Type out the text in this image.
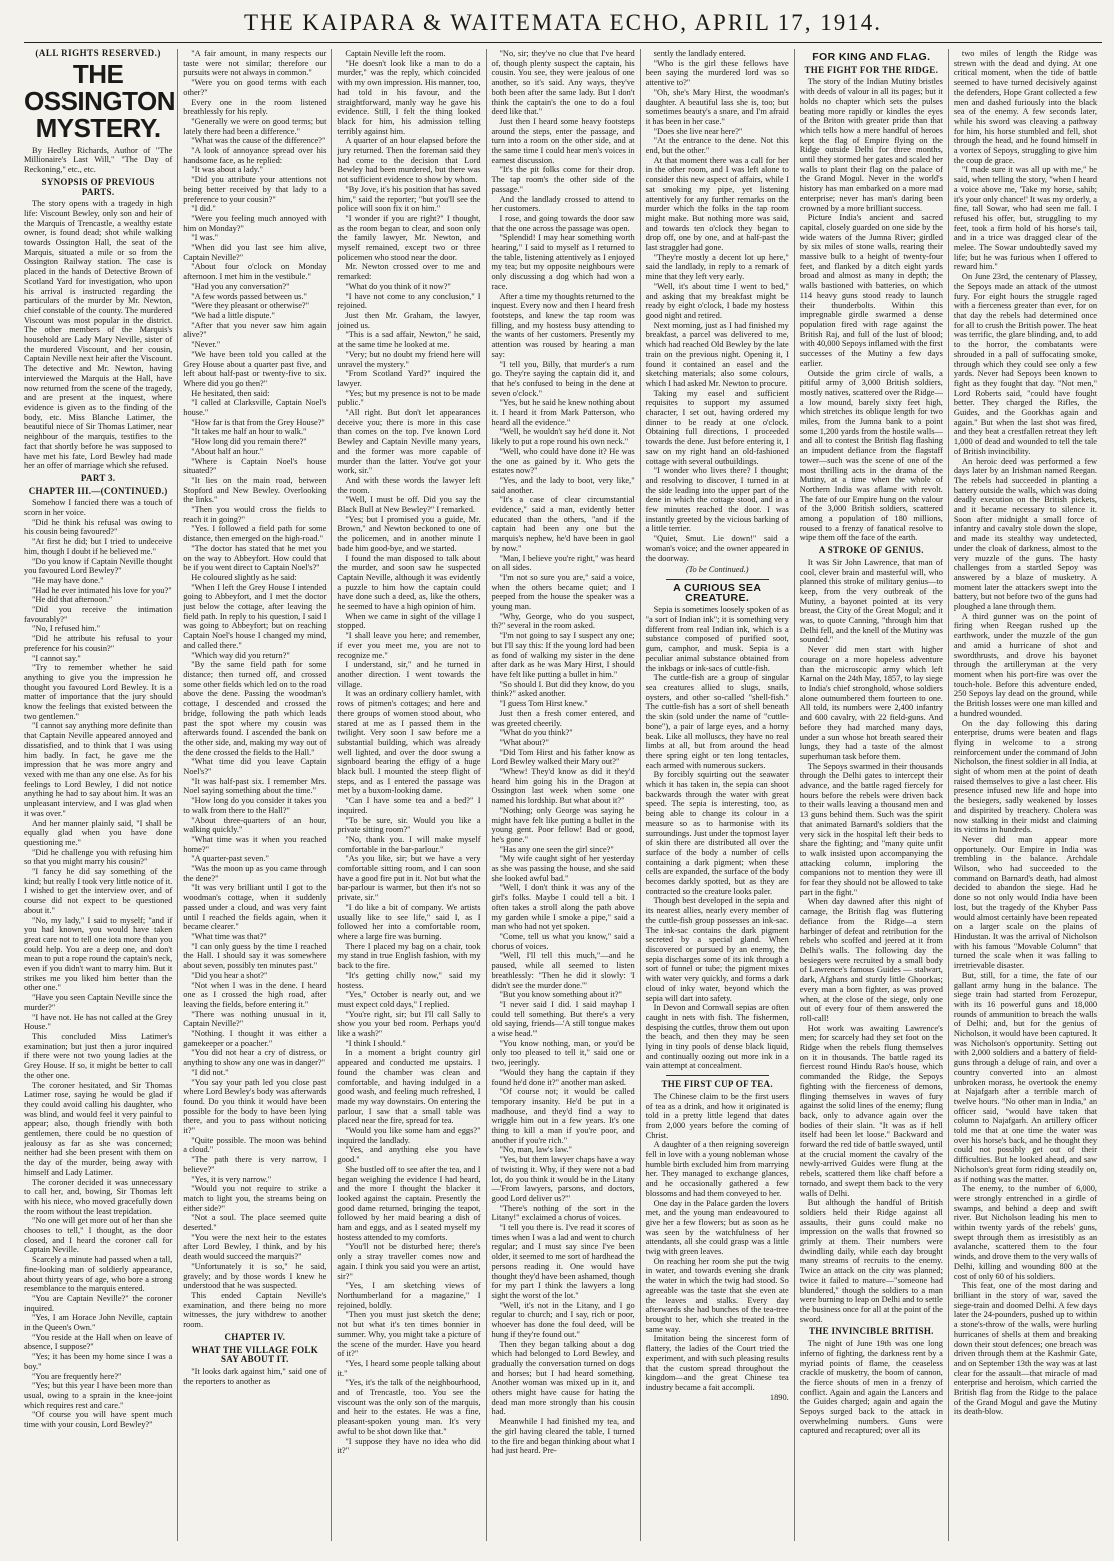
THE KAIPARA & WAITEMATA ECHO, APRIL 17, 1914.
(ALL RIGHTS RESERVED.)
THE OSSINGTON MYSTERY.

By Hedley Richards, Author of "The Millionaire's Last Will," "The Day of Reckoning," etc., etc.

SYNOPSIS OF PREVIOUS PARTS.

The story opens with a tragedy in high life: Viscount Bewley, only son and heir of the Marquis of Trencastle, a wealthy estate owner, is found dead; shot while walking towards Ossington Hall, the seat of the Marquis, situated a mile or so from the Ossington Railway station. The case is placed in the hands of Detective Brown of Scotland Yard for investigation, who upon his arrival is instructed regarding the particulars of the murder by Mr. Newton, chief constable of the county. The murdered Viscount was most popular in the district. The other members of the Marquis's household are Lady Mary Neville, sister of the murdered Viscount, and her cousin, Captain Neville next heir after the Viscount. The detective and Mr. Newton, having interviewed the Marquis at the Hall, have now returned from the scene of the tragedy, and are present at the inquest, where evidence is given as to the finding of the body, etc. Miss Blanche Latimer, the beautiful niece of Sir Thomas Latimer, near neighbour of the marquis, testifies to the fact that shortly before he was supposed to have met his fate, Lord Bewley had made her an offer of marriage which she refused.

PART 3.
CHAPTER III.—(CONTINUED.)

Somehow I fancied there was a touch of scorn in her voice.

"Did he think his refusal was owing to his cousin being favoured?"

"At first he did; but I tried to undeceive him, though I doubt if he believed me."

"Do you know if Captain Neville thought you favoured Lord Bewley?"

"He may have done."

"Had he ever intimated his love for you?"

"He did that afternoon."

"Did you receive the intimation favourably?"

"No, I refused him."

"Did he attribute his refusal to your preference for his cousin?"

"I cannot say."

"Try to remember whether he said anything to give you the impression he thought you favoured Lord Bewley. It is a matter of importance that the jury should know the feelings that existed between the two gentlemen."

"I cannot say anything more definite than that Captain Neville appeared annoyed and dissatisfied, and to think that I was using him badly. In fact, he gave me the impression that he was more angry and vexed with me than any one else. As for his feelings to Lord Bewley, I did not notice anything he had to say about him. It was an unpleasant interview, and I was glad when it was over."

And her manner plainly said, "I shall be equally glad when you have done questioning me."

"Did he challenge you with refusing him so that you might marry his cousin?"

"I fancy he did say something of the kind; but really I took very little notice of it. I wished to get the interview over, and of course did not expect to be questioned about it."

"No, my lady," I said to myself; "and if you had known, you would have taken great care not to tell one iota more than you could help. You are a deep one, and don't mean to put a rope round the captain's neck, even if you didn't want to marry him. But it strikes me you liked him better than the other one."

"Have you seen Captain Neville since the murder?"

"I have not. He has not called at the Grey House."

This concluded Miss Latimer's examination; but just then a juror inquired if there were not two young ladies at the Grey House. If so, it might be better to call the other one.

The coroner hesitated, and Sir Thomas Latimer rose, saying he would be glad if they could avoid calling his daughter, who was blind, and would feel it very painful to appear; also, though friendly with both gentlemen, there could be no question of jealousy as far as she was concerned; neither had she been present with them on the day of the murder, being away with himself and Lady Latimer.

The coroner decided it was unnecessary to call her, and, bowing, Sir Thomas left with his niece, who moved gracefully down the room without the least trepidation.

"No one will get more out of her than she chooses to tell," I thought, as the door closed, and I heard the coroner call for Captain Neville.

Scarcely a minute had passed when a tall, fine-looking man of soldierly appearance, about thirty years of age, who bore a strong resemblance to the marquis entered.

"You are Captain Neville?" the coroner inquired.

"Yes, I am Horace John Neville, captain in the Queen's Own."

"You reside at the Hall when on leave of absence, I suppose?"

"Yes; it has been my home since I was a boy."

"You are frequently here?"

"Yes; but this year I have been more than usual, owing to a sprain in the knee-joint which requires rest and care."

"Of course you will have spent much time with your cousin, Lord Bewley?"

"A fair amount, in many respects our taste were not similar; therefore our pursuits were not always in common."

"Were you on good terms with each other?"

Every one in the room listened breathlessly for his reply.

"Generally we were on good terms; but lately there had been a difference."

"What was the cause of the difference?"

"A look of annoyance spread over his handsome face, as he replied:

"It was about a lady."

"Did you attribute your attentions not being better received by that lady to a preference to your cousin?"

"I did."

"Were you feeling much annoyed with him on Monday?"

"I was."

"When did you last see him alive, Captain Neville?"

"About four o'clock on Monday afternoon. I met him in the vestibule."

"Had you any conversation?"

"A few words passed between us."

"Were they pleasant or otherwise?"

"We had a little dispute."

"After that you never saw him again alive?"

"Never."

"We have been told you called at the Grey House about a quarter past five, and left about half-past or twenty-five to six. Where did you go then?"

He hesitated, then said:

"I called at Clarksville, Captain Noel's house."

"How far is that from the Grey House?"

"It takes me half an hour to walk."

"How long did you remain there?"

"About half an hour."

"Where is Captain Noel's house situated?"

"It lies on the main road, between Stopford and New Bewley. Overlooking the links."

"Then you would cross the fields to reach it in going?"

"Yes. I followed a field path for some distance, then emerged on the high-road."

"The doctor has stated that he met you on the way to Abbeyfort. How could that be if you went direct to Captain Noel's?"

He coloured slightly as he said:

"When I left the Grey House I intended going to Abbeyfort, and I met the doctor just below the cottage, after leaving the field path. In reply to his question, I said I was going to Abbeyfort; but on reaching Captain Noel's house I changed my mind, and called there."

"Which way did you return?"

"By the same field path for some distance; then turned off, and crossed some other fields which led on to the road above the dene. Passing the woodman's cottage, I descended and crossed the bridge, following the path which leads past the spot where my cousin was afterwards found. I ascended the bank on the other side, and, making my way out of the dene crossed the fields to the Hall."

"What time did you leave Captain Noel's?"

"It was half-past six. I remember Mrs. Noel saying something about the time."

"How long do you consider it takes you to walk from there to the Hall?"

"About three-quarters of an hour, walking quickly."

"What time was it when you reached home?"

"A quarter-past seven."

"Was the moon up as you came through the dene?"

"It was very brilliant until I got to the woodman's cottage, when it suddenly passed under a cloud, and was very faint until I reached the fields again, when it became clearer."

"What time was that?"

"I can only guess by the time I reached the Hall. I should say it was somewhere about seven, possibly ten minutes past."

"Did you hear a shot?"

"Not when I was in the dene. I heard one as I crossed the high road, after leaving the fields, before entering it."

"There was nothing unusual in it, Captain Neville?"

"Nothing. I thought it was either a gamekeeper or a poacher."

"You did not hear a cry of distress, or anything to show any one was in danger?"

"I did not."

"You say your path led you close past where Lord Bewley's body was afterwards found. Do you think it would have been possible for the body to have been lying there, and you to pass without noticing it?"

"Quite possible. The moon was behind a cloud."

"The path there is very narrow, I believe?"

"Yes, it is very narrow."

"Would you not require to strike a match to light you, the streams being on either side?"

"Not a soul. The place seemed quite deserted."

"You were the next heir to the estates after Lord Bewley, I think, and by his death would succeed the marquis?"

"Unfortunately it is so," he said, gravely; and by those words I knew he understood that he was suspected.

This ended Captain Neville's examination, and there being no more witnesses, the jury withdrew to another room.

CHAPTER IV.
WHAT THE VILLAGE FOLK SAY ABOUT IT.

"It looks dark against him," said one of the reporters to another as

Captain Neville left the room.

"He doesn't look like a man to do a murder," was the reply, which coincided with my own impression. His manner, too, had told in his favour, and the straightforward, manly way he gave his evidence. Still, I felt the thing looked black for him, his admission telling terribly against him.

A quarter of an hour elapsed before the jury returned. Then the foreman said they had come to the decision that Lord Bewley had been murdered, but there was not sufficient evidence to show by whom.

"By Jove, it's his position that has saved him," said the reporter; "but you'll see the police will soon fix it on him."

"I wonder if you are right?" I thought, as the room began to clear, and soon only the family lawyer, Mr. Newton, and myself remained, except two or three policemen who stood near the door.

Mr. Newton crossed over to me and remarked:

"What do you think of it now?"

"I have not come to any conclusion," I rejoined.

Just then Mr. Graham, the lawyer, joined us.

"This is a sad affair, Newton," he said, at the same time he looked at me.

"Very; but no doubt my friend here will unravel the mystery."

"From Scotland Yard?" inquired the lawyer.

"Yes; but my presence is not to be made public."

"All right. But don't let appearances deceive you; there is more in this case than comes on the top. I've known Lord Bewley and Captain Neville many years, and the former was more capable of murder than the latter. You've got your work, sir."

And with these words the lawyer left the room.

"Well, I must be off. Did you say the Black Bull at New Bewley?" I remarked.

"Yes; but I promised you a guide, Mr. Brown," and Newton beckoned to one of the policemen, and in another minute I bade him good-bye, and we started.

I found the man disposed to talk about the murder, and soon saw he suspected Captain Neville, although it was evidently a puzzle to him how the captain could have done such a deed, as, like the others, he seemed to have a high opinion of him.

When we came in sight of the village I stopped.

"I shall leave you here; and remember, if ever you meet me, you are not to recognize me."

I understand, sir," and he turned in another direction. I went towards the village.

It was an ordinary colliery hamlet, with rows of pitmen's cottages; and here and there groups of women stood about, who stared at me as I passed them in the twilight. Very soon I saw before me a substantial building, which was already well lighted, and over the door swung a signboard bearing the effigy of a huge black bull. I mounted the steep flight of steps, and as I entered the passage was met by a buxom-looking dame.

"Can I have some tea and a bed?" I inquired.

"To be sure, sir. Would you like a private sitting room?"

"No, thank you. I will make myself comfortable in the bar-parlour."

"As you like, sir; but we have a very comfortable sitting room, and I can soon have a good fire put in it. Not but what the bar-parlour is warmer, but then it's not so private, sir."

"I do like a bit of company. We artists usually like to see life," said I, as I followed her into a comfortable room, where a large fire was burning.

There I placed my bag on a chair, took my stand in true English fashion, with my back to the fire.

"It's getting chilly now," said my hostess.

"Yes," October is nearly out, and we must expect cold days," I replied.

"You're right, sir; but I'll call Sally to show you your bed room. Perhaps you'd like a wash?"

"I think I should."

In a moment a bright country girl appeared and conducted me upstairs. I found the chamber was clean and comfortable, and having indulged in a good wash, and feeling much refreshed, I made my way downstairs. On entering the parlour, I saw that a small table was placed near the fire, spread for tea.

"Would you like some ham and eggs?" inquired the landlady.

"Yes, and anything else you have good."

She bustled off to see after the tea, and I began weighing the evidence I had heard, and the more I thought the blacker it looked against the captain. Presently the good dame returned, bringing the teapot, followed by her maid bearing a dish of ham and eggs, and as I seated myself my hostess attended to my comforts.

"You'll not be disturbed here; there's only a stray traveller comes now and again. I think you said you were an artist, sir?"

"Yes, I am sketching views of Northumberland for a magazine," I rejoined, boldly.

"Then you must just sketch the dene; not but what it's ten times bonnier in summer. Why, you might take a picture of the scene of the murder. Have you heard of it?"

"Yes, I heard some people talking about it."

"Yes, it's the talk of the neighbourhood, and of Trencastle, too. You see the viscount was the only son of the marquis, and heir to the estates. He was a fine, pleasant-spoken young man. It's very awful to be shot down like that."

"I suppose they have no idea who did it?"

"No, sir; they've no clue that I've heard of, though plenty suspect the captain, his cousin. You see, they were jealous of one another, so it's said. Any ways, they've both been after the same lady. But I don't think the captain's the one to do a foul deed like that."

Just then I heard some heavy footsteps around the steps, enter the passage, and turn into a room on the other side, and at the same time I could hear men's voices in earnest discussion.

"It's the pit folks come for their drop. The tap room's the other side of the passage."

And the landlady crossed to attend to her customers.

I rose, and going towards the door saw that the one across the passage was open.

"Splendid! I may hear something worth hearing," I said to myself as I returned to the table, listening attentively as I enjoyed my tea; but my opposite neighbours were only discussing a dog which had won a race.

After a time my thoughts returned to the inquest. Every now and then I heard fresh footsteps, and knew the tap room was filling, and my hostess busy attending to the wants of her customers. Presently my attention was roused by hearing a man say:

"I tell you, Billy, that murder's a rum go. They're saying the captain did it, and that he's confused to being in the dene at seven o'clock."

"Yes, but he said he knew nothing about it. I heard it from Mark Patterson, who heard all the evidence."

"Well, he wouldn't say he'd done it. Not likely to put a rope round his own neck."

"Well, who could have done it? He was the one as gained by it. Who gets the estates now?"

"Yes, and the lady to boot, very like," said another.

"It's a case of clear circumstantial evidence," said a man, evidently better educated than the others, "and if the captain had been any one but the marquis's nephew, he'd have been in gaol by now."

"Man, I believe you're right," was heard on all sides.

"I'm not so sure you are," said a voice, when the others became quiet; and I peeped from the house the speaker was a young man.

"Why, George, who do you suspect, th?" several in the room asked.

"I'm not going to say I suspect any one; but I'll say this: If the young lord had been as fond of walking my sister in the dene after dark as he was Mary Hirst, I should have felt like putting a bullet in him."

"So should I. But did they know, do you think?" asked another.

"I guess Tom Hirst knew."

Just then a fresh comer entered, and was greeted cheerily.

"What do you think?"

"What about?"

"Did Tom Hirst and his father know as Lord Bewley walked their Mary out?"

"Whew! They'd know as did it they'd heard him going his in the Dragon at Ossington last week when some one named his lordship. But what about it?"

"Nothing; only George was saying he might have felt like putting a bullet in the young gent. Poor fellow! Bad or good, he's gone."

"Has any one seen the girl since?"

"My wife caught sight of her yesterday as she was passing the house, and she said she looked awful bad."

"Well, I don't think it was any of the girl's folks. Maybe I could tell a bit. I often takes a stroll along the path above my garden while I smoke a pipe," said a man who had not yet spoken.

"Come, tell us what you know," said a chorus of voices.

"Well, I'll tell this much,"—and he paused, while all seemed to listen breathlessly: "Then he did it slowly: 'I didn't see the murder done.'"

"But you know something about it?"

"I never said I did. I said mayhap I could tell something. But there's a very old saying, friends—'A still tongue makes a wise head.'"

"You know nothing, man, or you'd be only too pleased to tell it," said one or two, jeeringly.

"Would they hang the captain if they found he'd done it?" another man asked.

"Of course not; it would be called temporary insanity. He'd be put in a madhouse, and they'd find a way to wriggle him out in a few years. It's one thing to kill a man if you're poor, and another if you're rich."

"No, man, law's law."

"Yes, but them lawyer chaps have a way of twisting it. Why, if they were not a bad lot, do you think it would be in the Litany—'From lawyers, parsons, and doctors, good Lord deliver us?'"

"There's nothing of the sort in the Litany!" exclaimed a chorus of voices.

"I tell you there is. I've read it scores of times when I was a lad and went to church regular; and I must say since I've been older, it seemed to me sort of hardhead the persons reading it. One would have thought they'd have been ashamed, though for my part I think the lawyers a long sight the worst of the lot."

"Well, it's not in the Litany, and I go regular to church; and I say, rich or poor, whoever has done the foul deed, will be hung if they're found out."

Then they began talking about a dog which had belonged to Lord Bewley, and gradually the conversation turned on dogs and horses; but I had heard something. Another woman was mixed up in it, and others might have cause for hating the dead man more strongly than his cousin had.

Meanwhile I had finished my tea, and the girl having cleared the table, I turned to the fire and began thinking about what I had just heard. Pre-

sently the landlady entered.

"Who is the girl these fellows have been saying the murdered lord was so attentive to?"

"Oh, she's Mary Hirst, the woodman's daughter. A beautiful lass she is, too; but sometimes beauty's a snare, and I'm afraid it has been in her case."

"Does she live near here?"

"At the entrance to the dene. Not this end, but the other."

At that moment there was a call for her in the other room, and I was left alone to consider this new aspect of affairs, while I sat smoking my pipe, yet listening attentively for any further remarks on the murder which the folks in the tap room might make. But nothing more was said, and towards ten o'clock they began to drop off, one by one, and at half-past the last straggler had gone.

"They're mostly a decent lot up here," said the landlady, in reply to a remark of mine that they left very early.

"Well, it's about time I went to bed," and asking that my breakfast might be ready by eight o'clock, I bade my hostess good night and retired.

Next morning, just as I had finished my breakfast, a parcel was delivered to me, which had reached Old Bewley by the late train on the previous night. Opening it, I found it contained an easel and the sketching materials; also some colours, which I had asked Mr. Newton to procure.

Taking my easel and sufficient requisites to support my assumed character, I set out, having ordered my dinner to be ready at one o'clock. Obtaining full directions, I proceeded towards the dene. Just before entering it, I saw on my right hand an old-fashioned cottage with several outbuildings.

"I wonder who lives there? I thought; and resolving to discover, I turned in at the side leading into the upper part of the dene in which the cottage stood, and in a few minutes reached the door. I was instantly greeted by the vicious barking of a little terrier.

"Quiet, Smut. Lie down!" said a woman's voice; and the owner appeared in the doorway.

(To be Continued.)
A CURIOUS SEA CREATURE.

Sepia is sometimes loosely spoken of as "a sort of Indian ink"; it is something very different from real Indian ink, which is a substance composed of purified soot, gum, camphor, and musk. Sepia is a peculiar animal substance obtained from the inkbags or ink-sacs of cuttle-fish.

The cuttle-fish are a group of singular sea creatures allied to slugs, snails, oysters, and other so-called "shell-fish." The cuttle-fish has a sort of shell beneath the skin (sold under the name of "cuttle-bone"), a pair of large eyes, and a horny beak. Like all molluscs, they have no real limbs at all, but from around the head there spring eight or ten long tentacles, each armed with numerous suckers.

By forcibly squirting out the seawater which it has taken in, the sepia can shoot backwards through the water with great speed. The sepia is interesting, too, as being able to change its colour in a measure so as to harmonise with its surroundings. Just under the topmost layer of skin there are distributed all over the surface of the body a number of cells containing a dark pigment; when these cells are expanded, the surface of the body becomes darkly spotted, but as they are contracted so the creature looks paler.

Though best developed in the sepia and its nearest allies, nearly every member of the cuttle-fish group possesses an ink-sac. The ink-sac contains the dark pigment secreted by a special gland. When discovered or pursued by an enemy, the sepia discharges some of its ink through a sort of funnel or tube; the pigment mixes with water very quickly, and forms a dark cloud of inky water, beyond which the sepia will dart into safety.

In Devon and Cornwall sepias are often caught in nets with fish. The fishermen, despising the cuttles, throw them out upon the beach, and then they may be seen lying in tiny pools of dense black liquid, and continually oozing out more ink in a vain attempt at concealment.

THE FIRST CUP OF TEA.

The Chinese claim to be the first users of tea as a drink, and how it originated is told in a pretty little legend that dates from 2,000 years before the coming of Christ.

A daughter of a then reigning sovereign fell in love with a young nobleman whose humble birth excluded him from marrying her. They managed to exchange glances, and he occasionally gathered a few blossoms and had them conveyed to her.

One day in the Palace garden the lovers met, and the young man endeavoured to give her a few flowers; but as soon as he was seen by the watchfulness of her attendants, all she could grasp was a little twig with green leaves.

On reaching her room she put the twig in water, and towards evening she drank the water in which the twig had stood. So agreeable was the taste that she even ate the leaves and stalks. Every day afterwards she had bunches of the tea-tree brought to her, which she treated in the same way.

Imitation being the sincerest form of flattery, the ladies of the Court tried the experiment, and with such pleasing results that the custom spread throughout the kingdom—and the great Chinese tea industry became a fait accompli.

1890.
FOR KING AND FLAG.
THE FIGHT FOR THE RIDGE.

The story of the Indian Mutiny bristles with deeds of valour in all its pages; but it holds no chapter which sets the pulses beating more rapidly or kindles the eyes of the Briton with greater pride than that which tells how a mere handful of heroes kept the flag of Empire flying on the Ridge outside Delhi for three months, until they stormed her gates and scaled her walls to plant their flag on the palace of the Grand Mogul. Never in the world's history has man embarked on a more mad enterprise; never has man's daring been crowned by a more brilliant success.

Picture India's ancient and sacred capital, closely guarded on one side by the wide waters of the Jumna River; girdled by six miles of stone walls, rearing their massive bulk to a height of twenty-four feet, and flanked by a ditch eight yards broad and almost as many in depth; the walls bastioned with batteries, on which 114 heavy guns stood ready to launch their thunderbolts. Within this impregnable girdle swarmed a dense population fired with rage against the British Raj, and full of the lust of blood; with 40,000 Sepoys inflamed with the first successes of the Mutiny a few days earlier.

Outside the grim circle of walls, a pitiful army of 3,000 British soldiers, mostly natives, scattered over the Ridge—a low mound, barely sixty feet high, which stretches its oblique length for two miles, from the Jumna bank to a point some 1,200 yards from the hostile walls—and all to contest the British flag flashing an impudent defiance from the flagstaff tower—such was the scene of one of the most thrilling acts in the drama of the Mutiny, at a time when the whole of Northern India was aflame with revolt. The fate of our Empire hung on the valour of the 3,000 British soldiers, scattered among a population of 180 millions, roused to a frenzy of fanatical resolve to wipe them off the face of the earth.

A STROKE OF GENIUS.

It was Sir John Lawrence, that man of cool, clever brain and masterful will, who planned this stroke of military genius—to keep, from the very outbreak of the Mutiny, a bayonet pointed at its very breast, the City of the Great Mogul; and it was, to quote Canning, "through him that Delhi fell, and the knell of the Mutiny was sounded."

Never did men start with higher courage on a more hopeless adventure than the microscopic army which left Karnal on the 24th May, 1857, to lay siege to India's chief stronghold, whose soldiers alone outnumbered them fourteen to one. All told, its numbers were 2,400 infantry and 600 cavalry, with 22 field-guns. And before they had marched many days, under a sun whose hot breath seared their lungs, they had a taste of the almost superhuman task before them.

The Sepoys swarmed in their thousands through the Delhi gates to intercept their advance, and the battle raged fiercely for hours before the rebels were driven back to their walls leaving a thousand men and 13 guns behind them. Such was the spirit that animated Barnard's soldiers that the very sick in the hospital left their beds to share the fighting; and "many quite unfit to walk insisted upon accompanying the attacking column, imploring the companions not to mention they were ill for fear they should not be allowed to take part in the fight."

When day dawned after this night of carnage, the British flag was fluttering defiance from the Ridge—a stern harbinger of defeat and retribution for the rebels who scoffed and jeered at it from Delhi's walls. The following day the besiegers were recruited by a small body of Lawrence's famous Guides — stalwart, dark, Afghans and sturdy little Ghoorkas; every man a born fighter, as was proved when, at the close of the siege, only one out of every four of them answered the roll-call!

Hot work was awaiting Lawrence's men; for scarcely had they set foot on the Ridge when the rebels flung themselves on it in thousands. The battle raged its fiercest round Hindu Rao's house, which commanded the Ridge, the Sepoys fighting with the fierceness of demons, flinging themselves in waves of fury against the solid lines of the enemy; flung back, only to advance again over the bodies of their slain. "It was as if hell itself had been let loose." Backward and forward the red tide of battle swayed, until at the crucial moment the cavalry of the newly-arrived Guides were flung at the rebels, scattered them like chaff before a tornado, and swept them back to the very walls of Delhi.

But although the handful of British soldiers held their Ridge against all assaults, their guns could make no impression on the walls that frowned so grimly at them. Their numbers were dwindling daily, while each day brought many streams of recruits to the enemy. Twice an attack on the city was planned; twice it failed to mature—"someone had blundered," though the soldiers to a man were burning to leap on Delhi and to settle the business once for all at the point of the sword.

THE INVINCIBLE BRITISH.

The night of June 19th was one long inferno of fighting, the darkness rent by a myriad points of flame, the ceaseless crackle of musketry, the boom of cannon, the fierce shouts of men in a frenzy of conflict. Again and again the Lancers and the Guides charged; again and again the Sepoys surged back to the attack in overwhelming numbers. Guns were captured and recaptured; over all its

two miles of length the Ridge was strewn with the dead and dying. At one critical moment, when the tide of battle seemed to have turned decisively against the defenders, Hope Grant collected a few men and dashed furiously into the black sea of the enemy. A few seconds later, while his sword was cleaving a pathway for him, his horse stumbled and fell, shot through the head, and he found himself in a vortex of Sepoys, struggling to give him the coup de grace.

"I made sure it was all up with me," he said, when telling the story, "when I heard a voice above me, 'Take my horse, sahib; it's your only chance!' It was my orderly, a fine, tall Sowar, who had seen me fall. I refused his offer, but, struggling to my feet, took a firm hold of his horse's tail, and in a trice was dragged clear of the melee. The Sowar undoubtedly saved my life; but he was furious when I offered to reward him."

On June 23rd, the centenary of Plassey, the Sepoys made an attack of the utmost fury. For eight hours the struggle raged with a fierceness greater than ever, for on that day the rebels had determined once for all to crush the British power. The heat was terrific, the glare blinding, and, to add to the horror, the combatants were shrouded in a pall of suffocating smoke, through which they could see only a few yards. Never had Sepoys been known to fight as they fought that day. "Not men," Lord Roberts said, "could have fought better. They charged the Rifles, the Guides, and the Goorkhas again and again." But when the last shot was fired, and they beat a crestfallen retreat they left 1,000 of dead and wounded to tell the tale of British invincibility.

An heroic deed was performed a few days later by an Irishman named Reegan. The rebels had succeeded in planting a battery outside the walls, which was doing deadly execution on the British pickets, and it became necessary to silence it. Soon after midnight a small force of infantry and cavalry stole down the slope, and made its stealthy way undetected, under the cloak of darkness, almost to the very muzzle of the guns. The hasty challenges from a startled Sepoy was answered by a blaze of musketry. A moment later the attackers swept into the battery, but not before two of the guns had ploughed a lane through them.

A third gunner was on the point of firing when Reegan rushed up the earthwork, under the muzzle of the gun and amid a hurricane of shot and swordthrusts, and drove his bayonet through the artilleryman at the very moment when his port-fire was over the touch-hole. Before this adventure ended, 250 Sepoys lay dead on the ground, while the British losses were one man killed and a hundred wounded.

On the day following this daring enterprise, drums were beaten and flags flying in welcome to a strong reinforcement under the command of John Nicholson, the finest soldier in all India, at sight of whom men at the point of death raised themselves to give a last cheer. His presence infused new life and hope into the besiegers, sadly weakened by losses and dispirited by treachery. Cholera was now stalking in their midst and claiming its victims in hundreds.

Never did man appear more opportunely. Our Empire in India was trembling in the balance. Archdale Wilson, who had succeeded to the command on Barnard's death, had almost decided to abandon the siege. Had he done so not only would India have been lost, but the tragedy of the Khyber Pass would almost certainly have been repeated on a larger scale on the plains of Hindustan. It was the arrival of Nicholson with his famous "Movable Column" that turned the scale when it was falling to irretrievable disaster.

But, still, for a time, the fate of our gallant army hung in the balance. The siege train had started from Ferozepur, with its 16 powerful guns and 18,000 rounds of ammunition to breach the walls of Delhi; and, but for the genius of Nicholson, it would have been captured. It was Nicholson's opportunity. Setting out with 2,000 soldiers and a battery of field-guns through a deluge of rain, and over a country converted into an almost unbroken morass, he overtook the enemy at Najafgarh after a terrible march of twelve hours. "No other man in India," an officer said, "would have taken that column to Najafgarh. An artillery officer told me that at one time the water was over his horse's back, and he thought they could not possibly get out of their difficulties. But he looked ahead, and saw Nicholson's great form riding steadily on, as if nothing was the matter.

The enemy, to the number of 6,000, were strongly entrenched in a girdle of swamps, and behind a deep and swift river. But Nicholson leading his men to within twenty yards of the rebels' guns, swept through them as irresistibly as an avalanche, scattered them to the four winds, and drove them to the very walls of Delhi, killing and wounding 800 at the cost of only 60 of his soldiers.

This feat, one of the most daring and brilliant in the story of war, saved the siege-train and doomed Delhi. A few days later the 24-pounders, pushed up to within a stone's-throw of the walls, were hurling hurricanes of shells at them and breaking down their stout defences; one breach was driven through them at the Kashmir Gate, and on September 13th the way was at last clear for the assault—that miracle of mad enterprise and heroism, which carried the British flag from the Ridge to the palace of the Grand Mogul and gave the Mutiny its death-blow.
